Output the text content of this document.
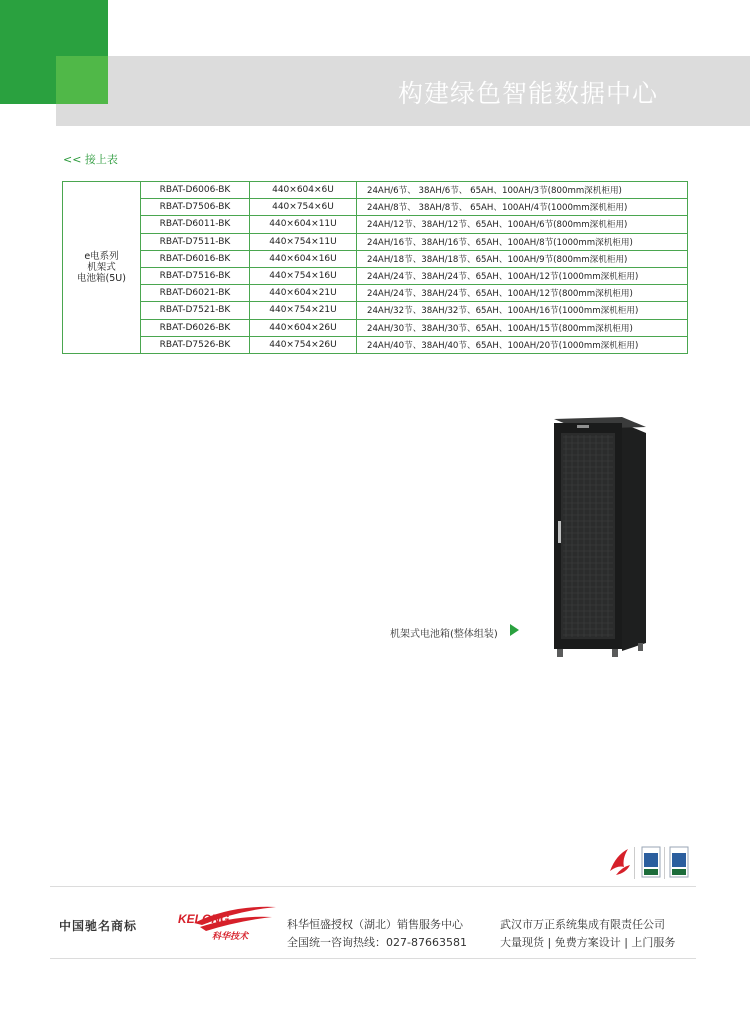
构建绿色智能数据中心
<< 接上表
e电系列
机架式
电池箱(5U)	RBAT-D6006-BK	440×604×6U	24AH/6节、 38AH/6节、 65AH、100AH/3节(800mm深机柜用)
	RBAT-D7506-BK	440×754×6U	24AH/8节、 38AH/8节、 65AH、100AH/4节(1000mm深机柜用)
	RBAT-D6011-BK	440×604×11U	24AH/12节、38AH/12节、65AH、100AH/6节(800mm深机柜用)
	RBAT-D7511-BK	440×754×11U	24AH/16节、38AH/16节、65AH、100AH/8节(1000mm深机柜用)
	RBAT-D6016-BK	440×604×16U	24AH/18节、38AH/18节、65AH、100AH/9节(800mm深机柜用)
	RBAT-D7516-BK	440×754×16U	24AH/24节、38AH/24节、65AH、100AH/12节(1000mm深机柜用)
	RBAT-D6021-BK	440×604×21U	24AH/24节、38AH/24节、65AH、100AH/12节(800mm深机柜用)
	RBAT-D7521-BK	440×754×21U	24AH/32节、38AH/32节、65AH、100AH/16节(1000mm深机柜用)
	RBAT-D6026-BK	440×604×26U	24AH/30节、38AH/30节、65AH、100AH/15节(800mm深机柜用)
	RBAT-D7526-BK	440×754×26U	24AH/40节、38AH/40节、65AH、100AH/20节(1000mm深机柜用)
机架式电池箱(整体组装)
中国驰名商标	KELONG
科华技术
科华恒盛授权（湖北）销售服务中心
全国统一咨询热线：027-87663581
武汉市万正系统集成有限责任公司
大量现货 | 免费方案设计 | 上门服务
